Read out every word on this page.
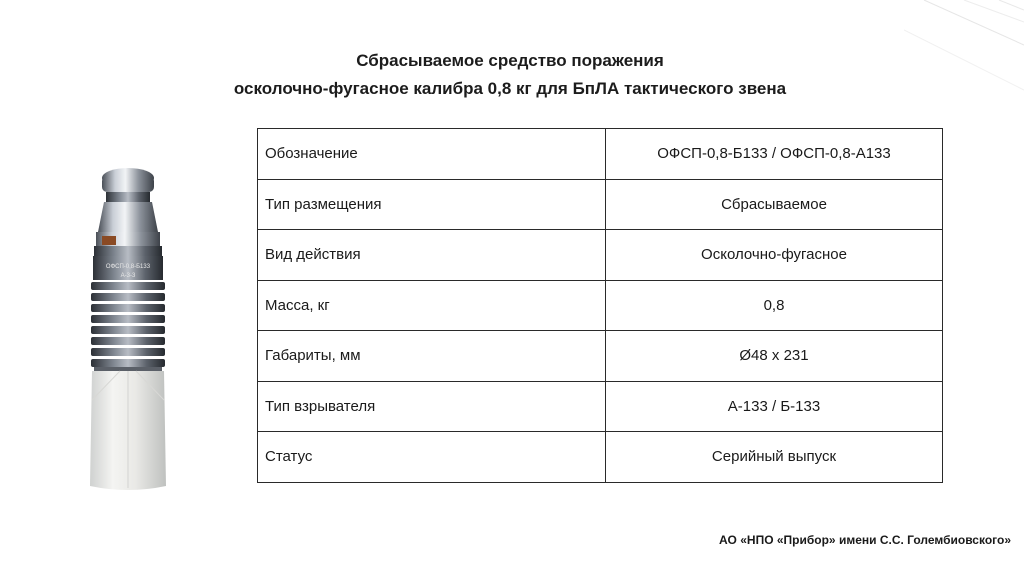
Сбрасываемое средство поражения
осколочно-фугасное калибра 0,8 кг для БпЛА тактического звена
ОФСП-0,8-Б133
А-3-3
Обозначение	ОФСП-0,8-Б133 / ОФСП-0,8-А133
Тип размещения	Сбрасываемое
Вид действия	Осколочно-фугасное
Масса, кг	0,8
Габариты, мм	Ø48 х 231
Тип взрывателя	А-133 / Б-133
Статус	Серийный выпуск
АО «НПО «Прибор» имени С.С. Голембиовского»
